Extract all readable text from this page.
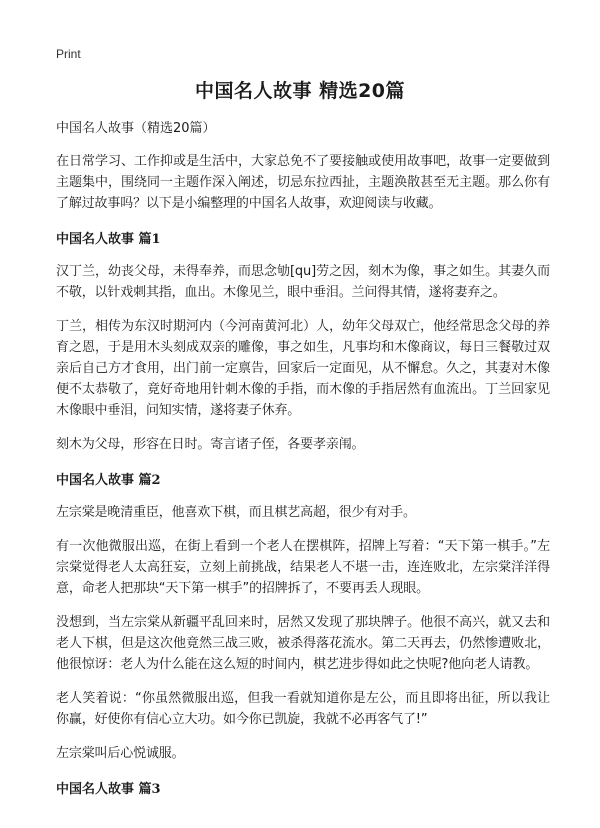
Print
中国名人故事 精选20篇

中国名人故事（精选20篇）

在日常学习、工作抑或是生活中，大家总免不了要接触或使用故事吧，故事一定要做到主题集中，围绕同一主题作深入阐述，切忌东拉西扯，主题涣散甚至无主题。那么你有了解过故事吗？以下是小编整理的中国名人故事，欢迎阅读与收藏。

中国名人故事 篇1

汉丁兰，幼丧父母，未得奉养，而思念劬[qu]劳之因，刻木为像，事之如生。其妻久而不敬，以针戏刺其指，血出。木像见兰，眼中垂泪。兰问得其情，遂将妻弃之。

丁兰，相传为东汉时期河内（今河南黄河北）人，幼年父母双亡，他经常思念父母的养育之恩，于是用木头刻成双亲的雕像，事之如生，凡事均和木像商议，每日三餐敬过双亲后自己方才食用，出门前一定禀告，回家后一定面见，从不懈怠。久之，其妻对木像便不太恭敬了，竟好奇地用针刺木像的手指，而木像的手指居然有血流出。丁兰回家见木像眼中垂泪，问知实情，遂将妻子休弃。

刻木为父母，形容在日时。寄言诸子侄，各要孝亲闱。

中国名人故事 篇2

左宗棠是晚清重臣，他喜欢下棋，而且棋艺高超，很少有对手。

有一次他微服出巡，在街上看到一个老人在摆棋阵，招牌上写着：“天下第一棋手。”左宗棠觉得老人太高狂妄，立刻上前挑战，结果老人不堪一击，连连败北，左宗棠洋洋得意，命老人把那块“天下第一棋手”的招牌拆了，不要再丢人现眼。

没想到，当左宗棠从新疆平乱回来时，居然又发现了那块牌子。他很不高兴，就又去和老人下棋，但是这次他竟然三战三败，被杀得落花流水。第二天再去，仍然惨遭败北，他很惊讶：老人为什么能在这么短的时间内，棋艺进步得如此之快呢?他向老人请教。

老人笑着说：“你虽然微服出巡，但我一看就知道你是左公，而且即将出征，所以我让你赢，好使你有信心立大功。如今你已凯旋，我就不必再客气了!”

左宗棠叫后心悦诚服。

中国名人故事 篇3
